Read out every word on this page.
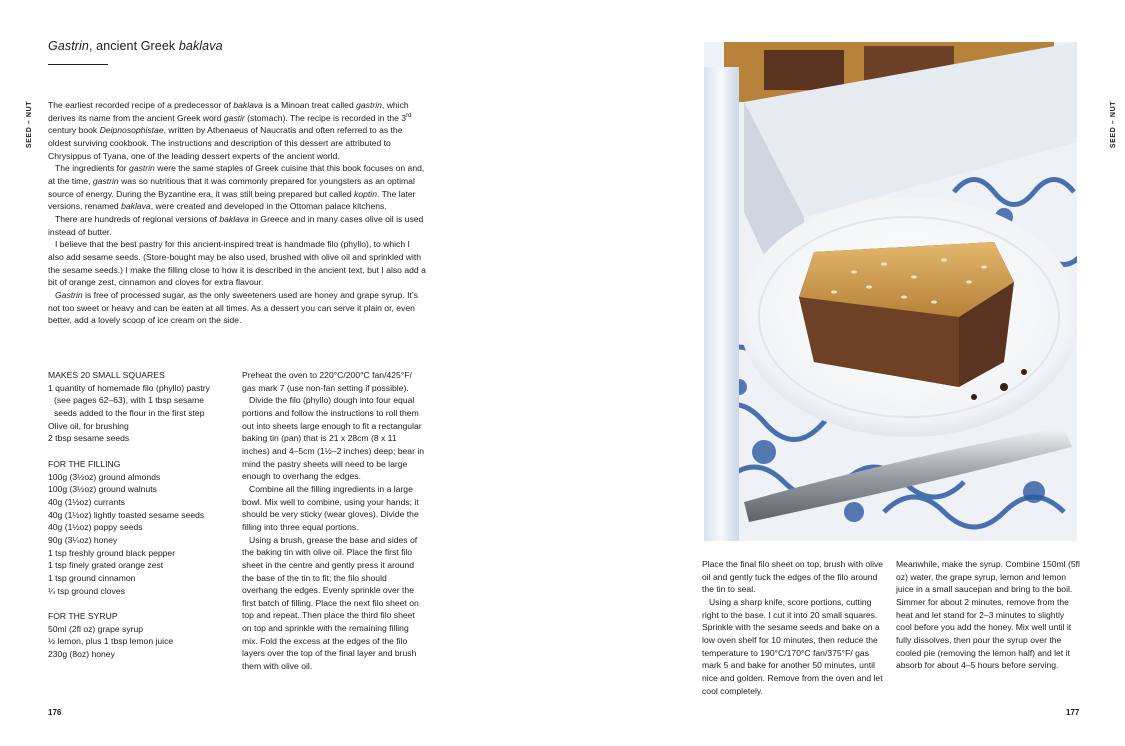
SEED – NUT
Gastrin, ancient Greek baklava

The earliest recorded recipe of a predecessor of baklava is a Minoan treat called gastrin, which derives its name from the ancient Greek word gastir (stomach). The recipe is recorded in the 3rd century book Deipnosophistae, written by Athenaeus of Naucratis and often referred to as the oldest surviving cookbook. The instructions and description of this dessert are attributed to Chrysippus of Tyana, one of the leading dessert experts of the ancient world.

The ingredients for gastrin were the same staples of Greek cuisine that this book focuses on and, at the time, gastrin was so nutritious that it was commonly prepared for youngsters as an optimal source of energy. During the Byzantine era, it was still being prepared but called koptin. The later versions, renamed baklava, were created and developed in the Ottoman palace kitchens.

There are hundreds of regional versions of baklava in Greece and in many cases olive oil is used instead of butter.

I believe that the best pastry for this ancient-inspired treat is handmade filo (phyllo), to which I also add sesame seeds. (Store-bought may be also used, brushed with olive oil and sprinkled with the sesame seeds.) I make the filling close to how it is described in the ancient text, but I also add a bit of orange zest, cinnamon and cloves for extra flavour.

Gastrin is free of processed sugar, as the only sweeteners used are honey and grape syrup. It’s not too sweet or heavy and can be eaten at all times. As a dessert you can serve it plain or, even better, add a lovely scoop of ice cream on the side.

MAKES 20 SMALL SQUARES

1 quantity of homemade filo (phyllo) pastry (see pages 62–63), with 1 tbsp sesame seeds added to the flour in the first step

Olive oil, for brushing

2 tbsp sesame seeds

FOR THE FILLING

100g (3½oz) ground almonds

100g (3½oz) ground walnuts

40g (1½oz) currants

40g (1½oz) lightly toasted sesame seeds

40g (1½oz) poppy seeds

90g (3¼oz) honey

1 tsp freshly ground black pepper

1 tsp finely grated orange zest

1 tsp ground cinnamon

¼ tsp ground cloves

FOR THE SYRUP

50ml (2fl oz) grape syrup

½ lemon, plus 1 tbsp lemon juice

230g (8oz) honey

Preheat the oven to 220°C/200°C fan/425°F/ gas mark 7 (use non-fan setting if possible).

Divide the filo (phyllo) dough into four equal portions and follow the instructions to roll them out into sheets large enough to fit a rectangular baking tin (pan) that is 21 x 28cm (8 x 11 inches) and 4–5cm (1½–2 inches) deep; bear in mind the pastry sheets will need to be large enough to overhang the edges.

Combine all the filling ingredients in a large bowl. Mix well to combine, using your hands; it should be very sticky (wear gloves). Divide the filling into three equal portions.

Using a brush, grease the base and sides of the baking tin with olive oil. Place the first filo sheet in the centre and gently press it around the base of the tin to fit; the filo should overhang the edges. Evenly sprinkle over the first batch of filling. Place the next filo sheet on top and repeat. Then place the third filo sheet on top and sprinkle with the remaining filling mix. Fold the excess at the edges of the filo layers over the top of the final layer and brush them with olive oil.

176
SEED – NUT

Place the final filo sheet on top, brush with olive oil and gently tuck the edges of the filo around the tin to seal.

Using a sharp knife, score portions, cutting right to the base. I cut it into 20 small squares. Sprinkle with the sesame seeds and bake on a low oven shelf for 10 minutes, then reduce the temperature to 190°C/170°C fan/375°F/ gas mark 5 and bake for another 50 minutes, until nice and golden. Remove from the oven and let cool completely.

Meanwhile, make the syrup. Combine 150ml (5fl oz) water, the grape syrup, lemon and lemon juice in a small saucepan and bring to the boil. Simmer for about 2 minutes, remove from the heat and let stand for 2–3 minutes to slightly cool before you add the honey. Mix well until it fully dissolves, then pour the syrup over the cooled pie (removing the lemon half) and let it absorb for about 4–5 hours before serving.

177
